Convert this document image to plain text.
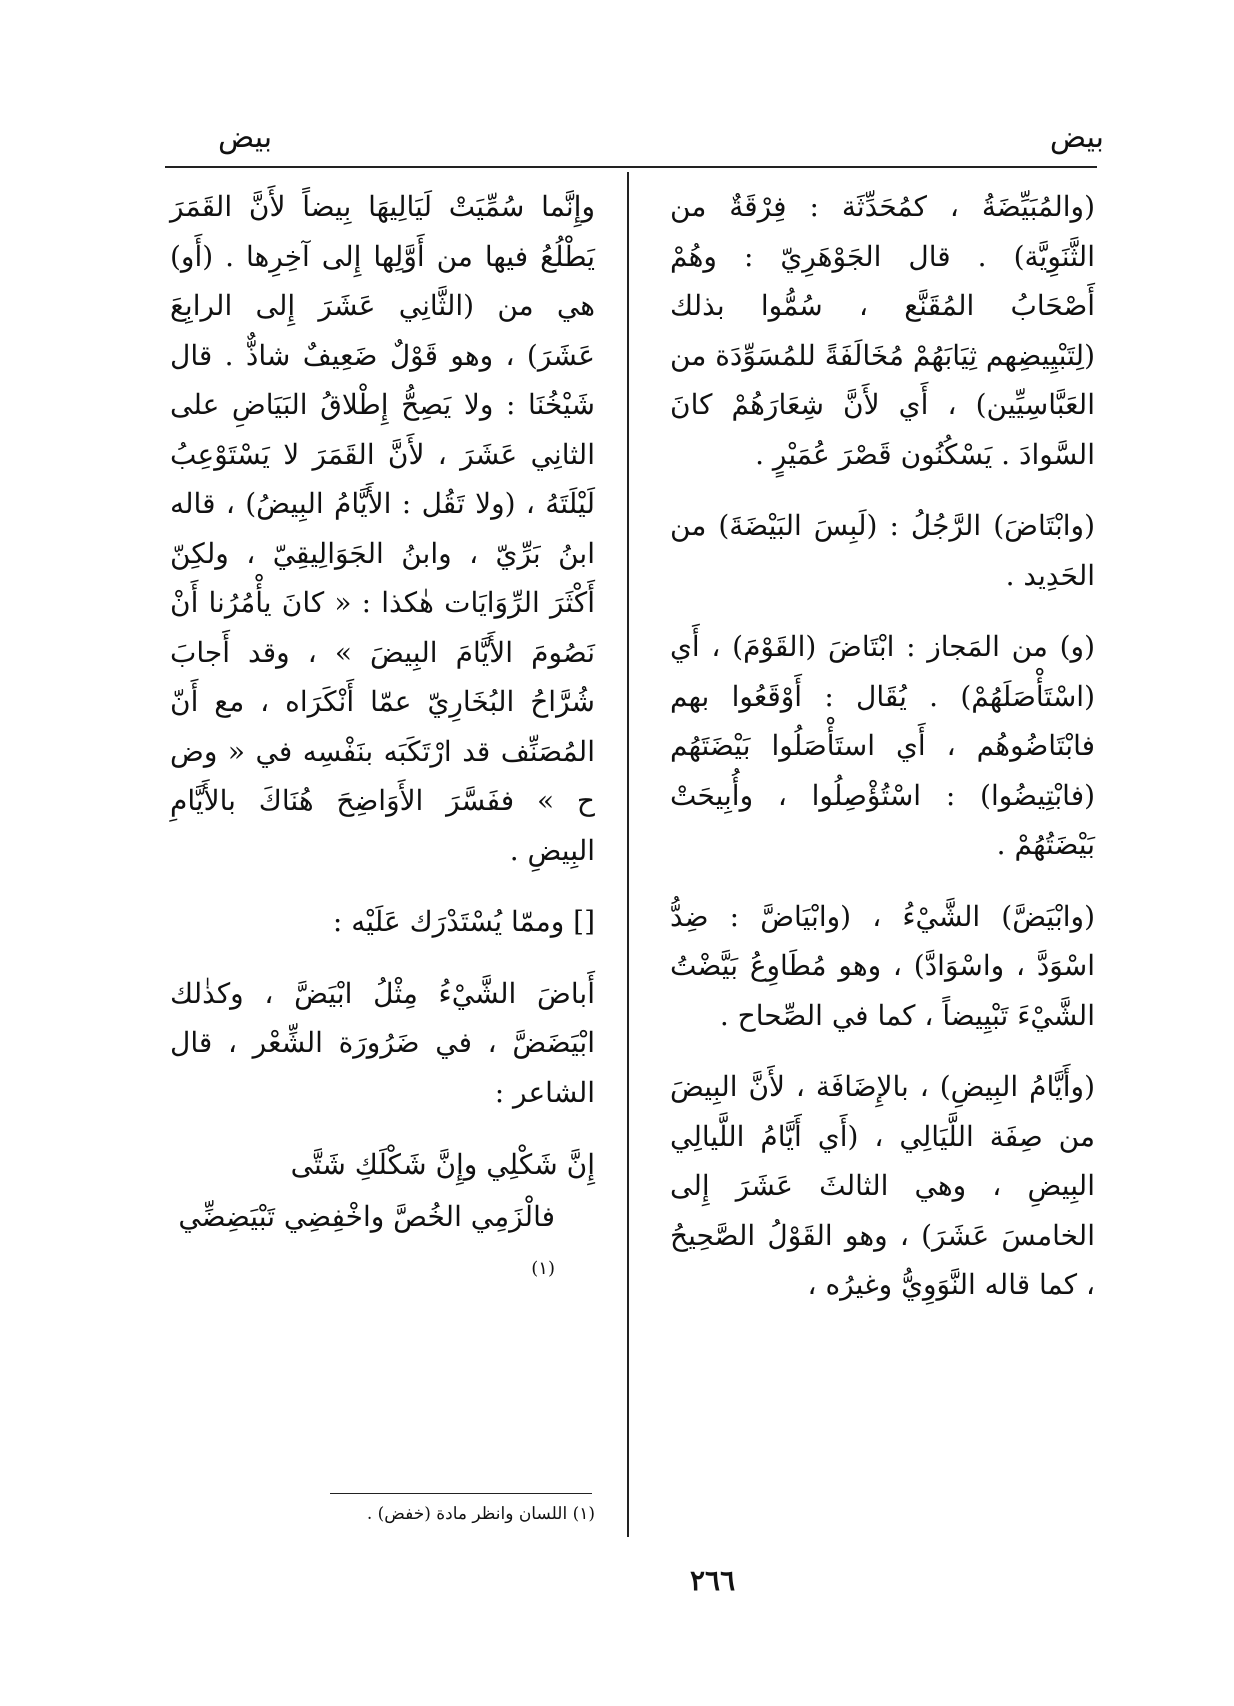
بيض
بيض

(والمُبَيِّضَةُ ، كمُحَدِّثَة : فِرْقَةٌ من الثَّنَوِيَّة) . قال الجَوْهَرِيّ : وهُمْ أَصْحَابُ المُقَنَّع ، سُمُّوا بذلك (لِتَبْيِيضِهم ثِيَابَهُمْ مُخَالَفَةً للمُسَوِّدَة من العَبَّاسِيِّين) ، أَي لأَنَّ شِعَارَهُمْ كانَ السَّوادَ . يَسْكُنُون قَصْرَ عُمَيْرٍ .

(وابْتَاضَ) الرَّجُلُ : (لَبِسَ البَيْضَةَ) من الحَدِيد .

(و) من المَجاز : ابْتَاضَ (القَوْمَ) ، أَي (اسْتَأْصَلَهُمْ) . يُقَال : أَوْقَعُوا بهم فابْتَاضُوهُم ، أَي استَأْصَلُوا بَيْضَتَهُم (فابْتِيضُوا) : اسْتُؤْصِلُوا ، وأُبِيحَتْ بَيْضَتُهُمْ .

(وابْيَضَّ) الشَّيْءُ ، (وابْيَاضَّ : ضِدُّ اسْوَدَّ ، واسْوَادَّ) ، وهو مُطَاوِعُ بَيَّضْتُ الشَّيْءَ تَبْيِيضاً ، كما في الصِّحاح .

(وأَيَّامُ البِيضِ) ، بالإِضَافَة ، لأَنَّ البِيضَ من صِفَة اللَّيَالِي ، (أَي أَيَّامُ اللَّيالِي البِيضِ ، وهي الثالثَ عَشَرَ إِلى الخامسَ عَشَرَ) ، وهو القَوْلُ الصَّحِيحُ ، كما قاله النَّوَوِيُّ وغيرُه ،

وإِنَّما سُمِّيَتْ لَيَالِيهَا بِيضاً لأَنَّ القَمَرَ يَطْلُعُ فيها من أَوَّلِها إِلى آخِرِها . (أَو) هي من (الثَّانِي عَشَرَ إِلى الرابِعَ عَشَرَ) ، وهو قَوْلٌ ضَعِيفٌ شاذٌّ . قال شَيْخُنَا : ولا يَصِحُّ إِطْلاقُ البَيَاضِ على الثانِي عَشَرَ ، لأَنَّ القَمَرَ لا يَسْتَوْعِبُ لَيْلَتَهُ ، (ولا تَقُل : الأَيَّامُ البِيضُ) ، قاله ابنُ بَرِّيّ ، وابنُ الجَوَالِيقِيّ ، ولكِنّ أَكْثَرَ الرِّوَايَات هٰكذا : « كانَ يأْمُرُنا أَنْ نَصُومَ الأَيَّامَ البِيضَ » ، وقد أَجابَ شُرَّاحُ البُخَارِيّ عمّا أَنْكَرَاه ، مع أَنّ المُصَنِّف قد ارْتَكَبَه بنَفْسِه في « وض ح » ففَسَّرَ الأَوَاضِحَ هُنَاكَ بالأَيَّامِ البِيضِ .

[] وممّا يُسْتَدْرَك عَلَيْه :

أَباضَ الشَّيْءُ مِثْلُ ابْيَضَّ ، وكذٰلك ابْيَضَضَّ ، في ضَرُورَة الشِّعْر ، قال الشاعر :

إِنَّ شَكْلِي وإِنَّ شَكْلَكِ شَتَّى

فالْزَمِي الخُصَّ واخْفِضِي تَبْيَضِضِّي $^{(١)}$

(١) اللسان وانظر مادة (خفض) .
٢٦٦
